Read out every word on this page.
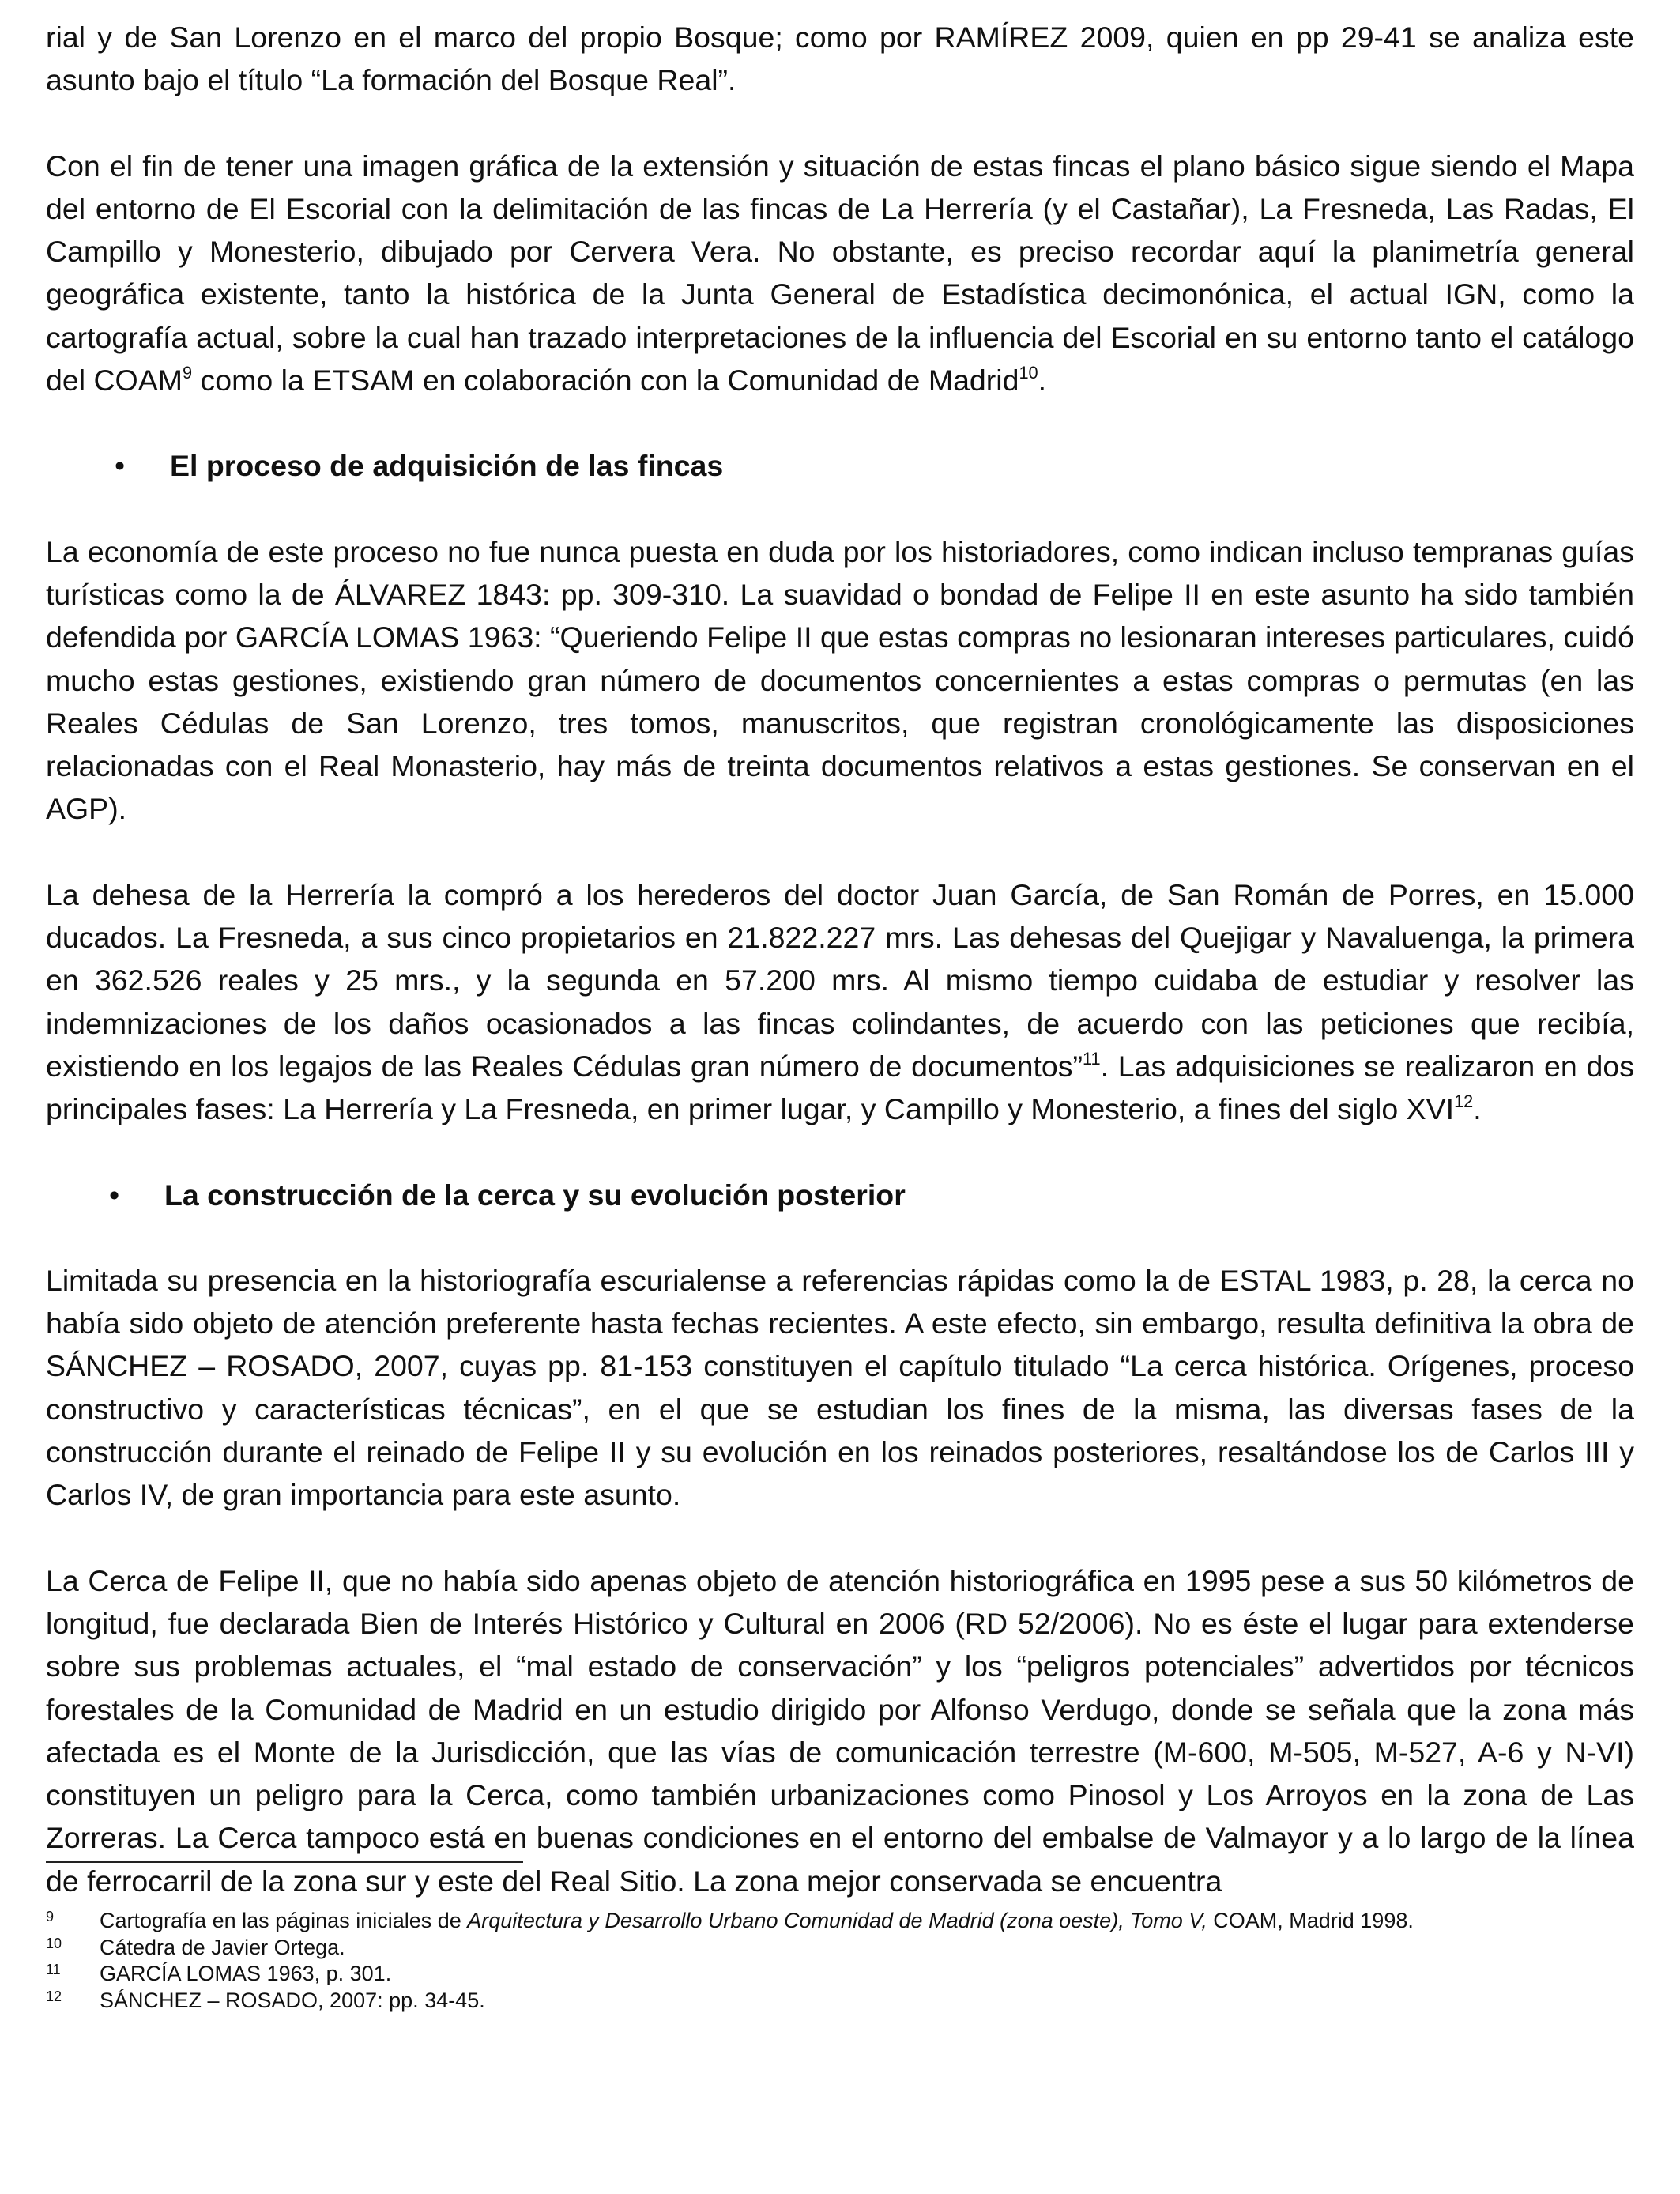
rial y de San Lorenzo en el marco del propio Bosque; como por RAMÍREZ 2009, quien en pp 29-41 se analiza este asunto bajo el título “La formación del Bosque Real”.

Con el fin de tener una imagen gráfica de la extensión y situación de estas fincas el plano básico sigue siendo el Mapa del entorno de El Escorial con la delimitación de las fincas de La Herrería (y el Castañar), La Fresneda, Las Radas, El Campillo y Monesterio, dibujado por Cervera Vera. No obstante, es preciso recordar aquí la planimetría general geográfica existente, tanto la histórica de la Junta General de Estadística decimonónica, el actual IGN, como la cartografía actual, sobre la cual han trazado interpretaciones de la influencia del Escorial en su entorno tanto el catálogo del COAM$^9$ como la ETSAM en colaboración con la Comunidad de Madrid$^{10}$.

•	El proceso de adquisición de las fincas

La economía de este proceso no fue nunca puesta en duda por los historiadores, como indican incluso tempranas guías turísticas como la de ÁLVAREZ 1843: pp. 309-310. La suavidad o bondad de Felipe II en este asunto ha sido también defendida por GARCÍA LOMAS 1963: “Queriendo Felipe II que estas compras no lesionaran intereses particulares, cuidó mucho estas gestiones, existiendo gran número de documentos concernientes a estas compras o permutas (en las Reales Cédulas de San Lorenzo, tres tomos, manuscritos, que registran cronológicamente las disposiciones relacionadas con el Real Monasterio, hay más de treinta documentos relativos a estas gestiones. Se conservan en el AGP).

La dehesa de la Herrería la compró a los herederos del doctor Juan García, de San Román de Porres, en 15.000 ducados. La Fresneda, a sus cinco propietarios en 21.822.227 mrs. Las dehesas del Quejigar y Navaluenga, la primera en 362.526 reales y 25 mrs., y la segunda en 57.200 mrs. Al mismo tiempo cuidaba de estudiar y resolver las indemnizaciones de los daños ocasionados a las fincas colindantes, de acuerdo con las peticiones que recibía, existiendo en los legajos de las Reales Cédulas gran número de documentos”$^{11}$. Las adquisiciones se realizaron en dos principales fases: La Herrería y La Fresneda, en primer lugar, y Campillo y Monesterio, a fines del siglo XVI$^{12}$.

•	La construcción de la cerca y su evolución posterior

Limitada su presencia en la historiografía escurialense a referencias rápidas como la de ESTAL 1983, p. 28, la cerca no había sido objeto de atención preferente hasta fechas recientes. A este efecto, sin embargo, resulta definitiva la obra de SÁNCHEZ – ROSADO, 2007, cuyas pp. 81-153 constituyen el capítulo titulado “La cerca histórica. Orígenes, proceso constructivo y características técnicas”, en el que se estudian los fines de la misma, las diversas fases de la construcción durante el reinado de Felipe II y su evolución en los reinados posteriores, resaltándose los de Carlos III y Carlos IV, de gran importancia para este asunto.

La Cerca de Felipe II, que no había sido apenas objeto de atención historiográfica en 1995 pese a sus 50 kilómetros de longitud, fue declarada Bien de Interés Histórico y Cultural en 2006 (RD 52/2006). No es éste el lugar para extenderse sobre sus problemas actuales, el “mal estado de conservación” y los “peligros potenciales” advertidos por técnicos forestales de la Comunidad de Madrid en un estudio dirigido por Alfonso Verdugo, donde se señala que la zona más afectada es el Monte de la Jurisdicción, que las vías de comunicación terrestre (M-600, M-505, M-527, A-6 y N-VI) constituyen un peligro para la Cerca, como también urbanizaciones como Pinosol y Los Arroyos en la zona de Las Zorreras. La Cerca tampoco está en buenas condiciones en el entorno del embalse de Valmayor y a lo largo de la línea de ferrocarril de la zona sur y este del Real Sitio. La zona mejor conservada se encuentra

9 Cartografía en las páginas iniciales de Arquitectura y Desarrollo Urbano Comunidad de Madrid (zona oeste), Tomo V, COAM, Madrid 1998.
10 Cátedra de Javier Ortega.
11 GARCÍA LOMAS 1963, p. 301.
12 SÁNCHEZ – ROSADO, 2007: pp. 34-45.
